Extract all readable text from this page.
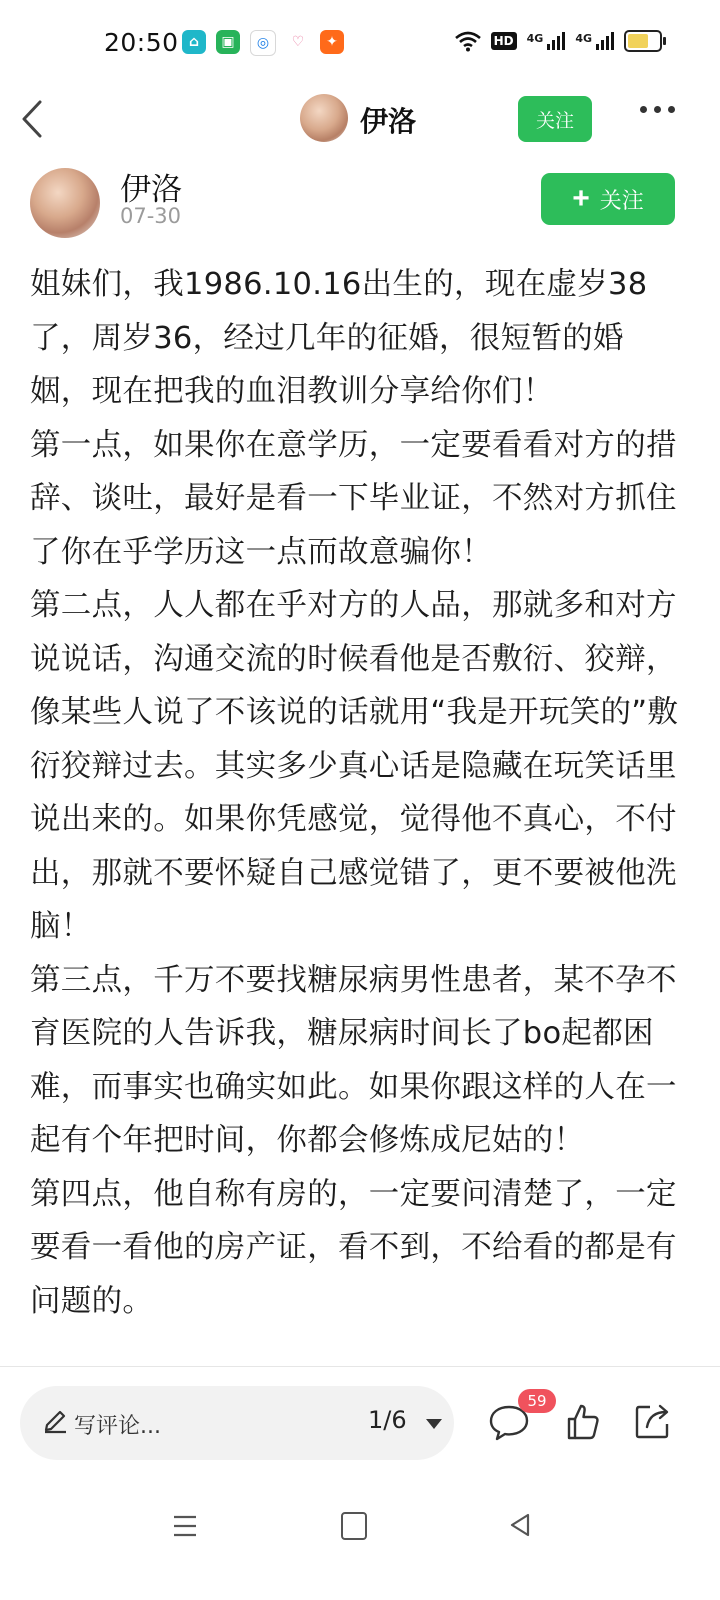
20:50 ⌂	▣	◎	♡	✦	HD 4G	4G
伊洛	关注
伊洛
07-30
+ 关注

姐妹们，我1986.10.16出生的，现在虚岁38了，周岁36，经过几年的征婚，很短暂的婚姻，现在把我的血泪教训分享给你们！

第一点，如果你在意学历，一定要看看对方的措辞、谈吐，最好是看一下毕业证，不然对方抓住了你在乎学历这一点而故意骗你！

第二点，人人都在乎对方的人品，那就多和对方说说话，沟通交流的时候看他是否敷衍、狡辩，像某些人说了不该说的话就用“我是开玩笑的”敷衍狡辩过去。其实多少真心话是隐藏在玩笑话里说出来的。如果你凭感觉，觉得他不真心，不付出，那就不要怀疑自己感觉错了，更不要被他洗脑！

第三点，千万不要找糖尿病男性患者，某不孕不育医院的人告诉我，糖尿病时间长了bo起都困难，而事实也确实如此。如果你跟这样的人在一起有个年把时间，你都会修炼成尼姑的！

第四点，他自称有房的，一定要问清楚了，一定要看一看他的房产证，看不到，不给看的都是有问题的。

写评论...	1/6
59
